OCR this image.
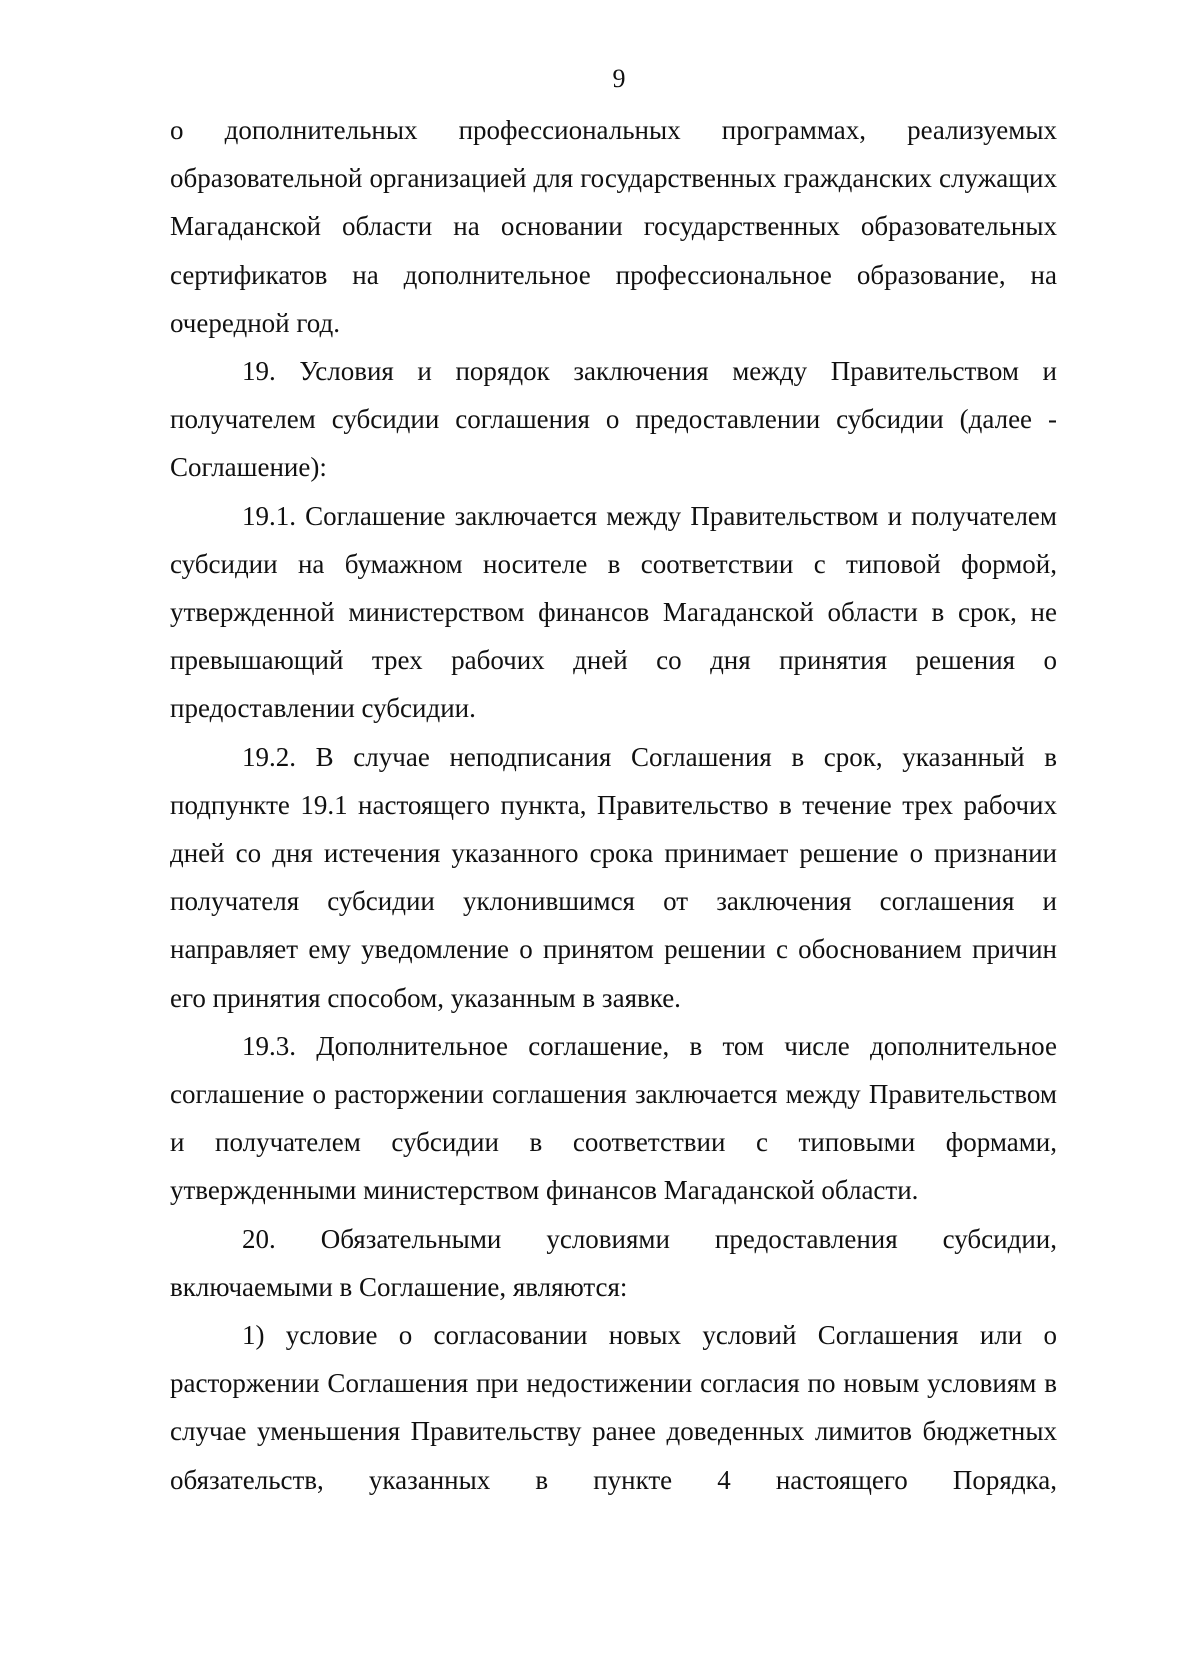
9

о дополнительных профессиональных программах, реализуемых образовательной организацией для государственных гражданских служащих Магаданской области на основании государственных образовательных сертификатов на дополнительное профессиональное образование, на очередной год.

19. Условия и порядок заключения между Правительством и получателем субсидии соглашения о предоставлении субсидии (далее - Соглашение):

19.1. Соглашение заключается между Правительством и получателем субсидии на бумажном носителе в соответствии с типовой формой, утвержденной министерством финансов Магаданской области в срок, не превышающий трех рабочих дней со дня принятия решения о предоставлении субсидии.

19.2. В случае неподписания Соглашения в срок, указанный в подпункте 19.1 настоящего пункта, Правительство в течение трех рабочих дней со дня истечения указанного срока принимает решение о признании получателя субсидии уклонившимся от заключения соглашения и направляет ему уведомление о принятом решении с обоснованием причин его принятия способом, указанным в заявке.

19.3. Дополнительное соглашение, в том числе дополнительное соглашение о расторжении соглашения заключается между Правительством и получателем субсидии в соответствии с типовыми формами, утвержденными министерством финансов Магаданской области.

20. Обязательными условиями предоставления субсидии, включаемыми в Соглашение, являются:

1) условие о согласовании новых условий Соглашения или о расторжении Соглашения при недостижении согласия по новым условиям в случае уменьшения Правительству ранее доведенных лимитов бюджетных обязательств, указанных в пункте 4 настоящего Порядка,
